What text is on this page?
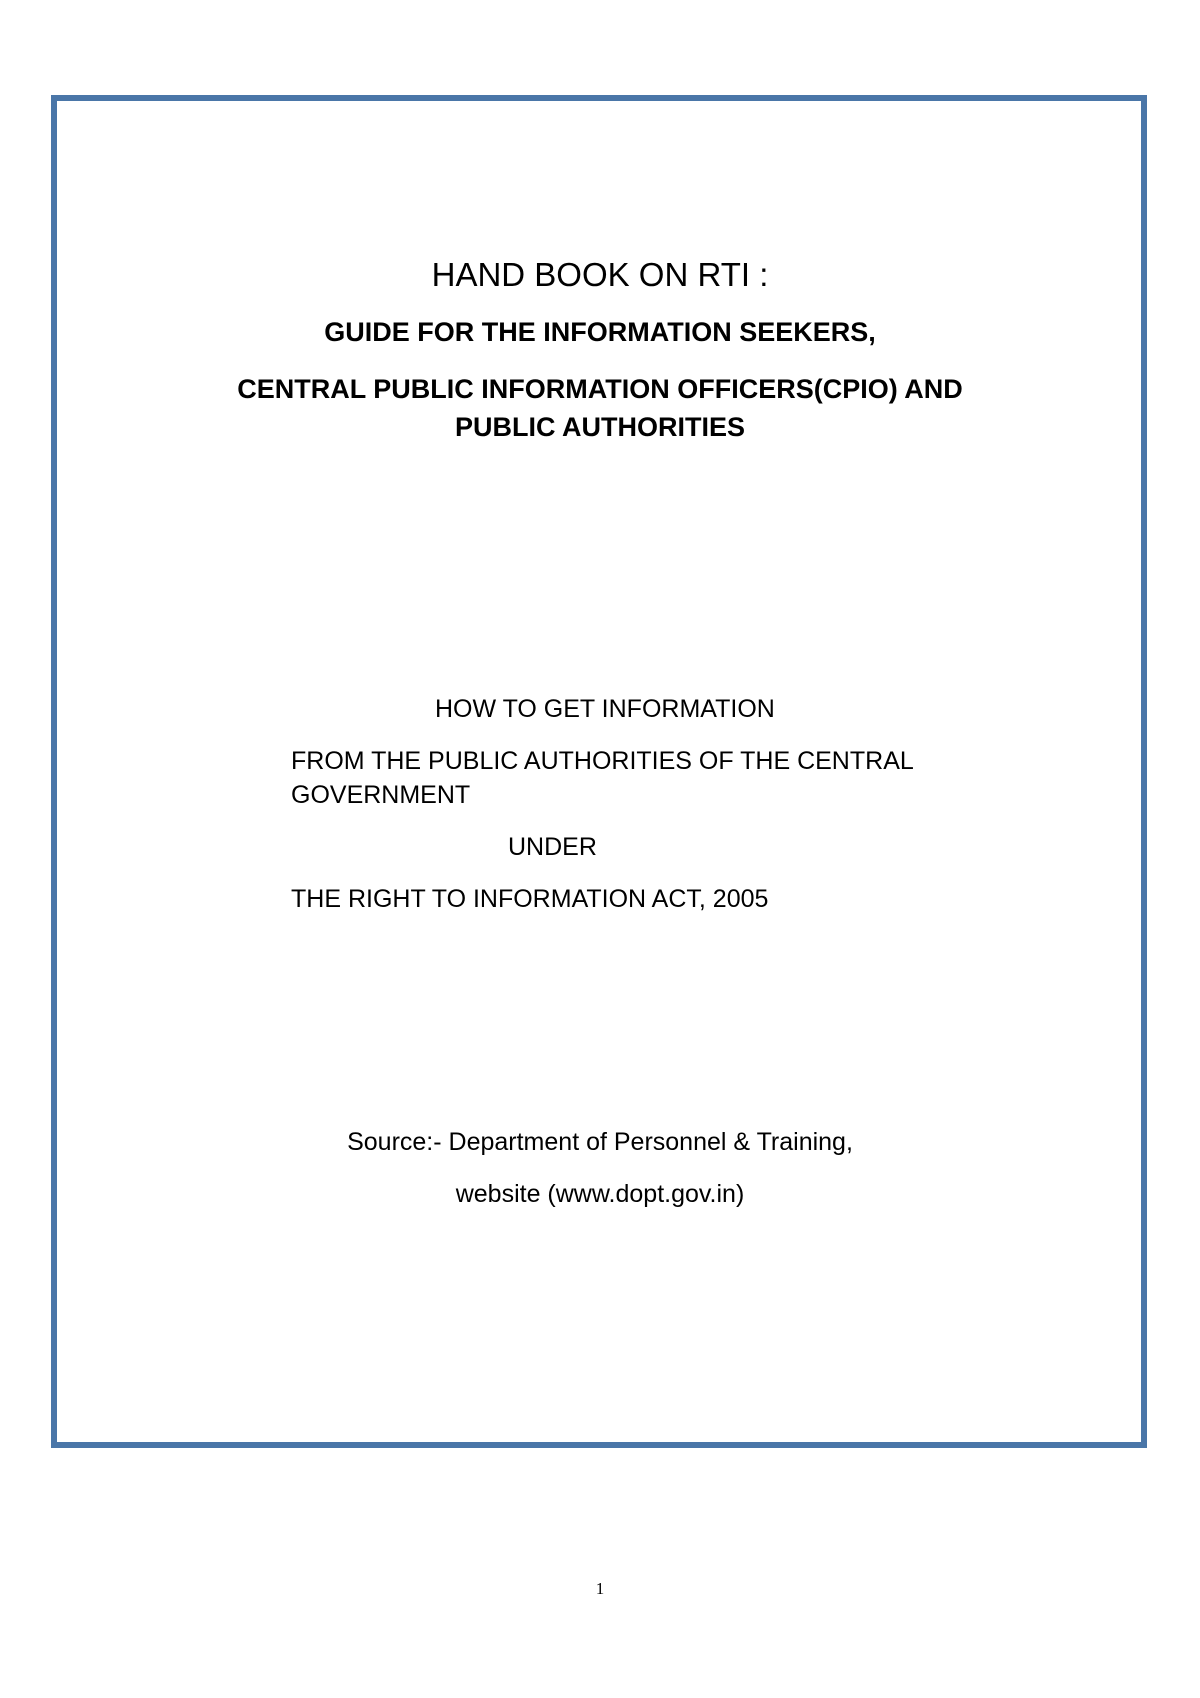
HAND BOOK ON RTI :
GUIDE FOR THE INFORMATION SEEKERS,
CENTRAL PUBLIC INFORMATION OFFICERS(CPIO) AND
PUBLIC AUTHORITIES

HOW TO GET INFORMATION

FROM THE PUBLIC AUTHORITIES OF THE CENTRAL

GOVERNMENT

UNDER

THE RIGHT TO INFORMATION ACT, 2005

Source:- Department of Personnel & Training,

website (www.dopt.gov.in)

1
